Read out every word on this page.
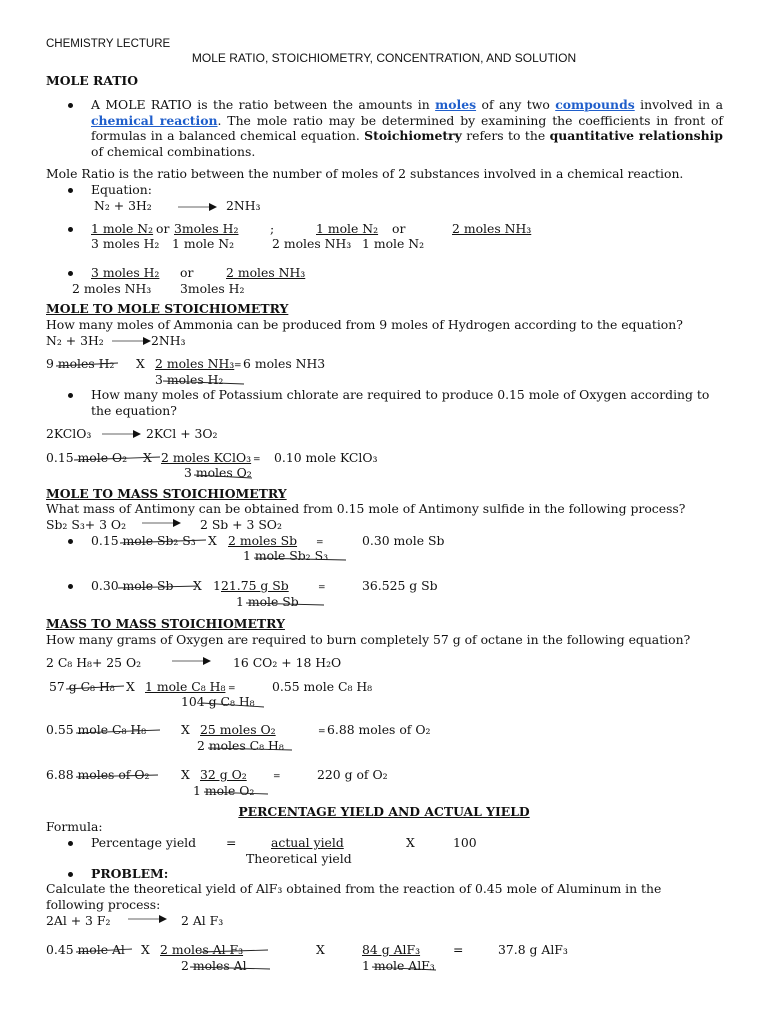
CHEMISTRY LECTURE
MOLE RATIO, STOICHIOMETRY, CONCENTRATION, AND SOLUTION
MOLE RATIO
A MOLE RATIO is the ratio between the amounts in moles of any two compounds involved in a chemical reaction. The mole ratio may be determined by examining the coefficients in front of formulas in a balanced chemical equation. Stoichiometry refers to the quantitative relationship of chemical combinations.
Mole Ratio is the ratio between the number of moles of 2 substances involved in a chemical reaction.
Equation:
N₂ + 3H₂ → 2NH₃
1 mole N₂ or 3moles H₂	;	1 mole N₂ or	2 moles NH₃
3 moles H₂ 1 mole N₂	2 moles NH₃ 1 mole N₂
3 moles H₂ or	2 moles NH₃
2 moles NH₃ 3moles H₂
MOLE TO MOLE STOICHIOMETRY
How many moles of Ammonia can be produced from 9 moles of Hydrogen according to the equation?
N₂ + 3H₂ → 2NH₃
9 moles H₂ X 2 moles NH₃ = 6 moles NH3
3 moles H₂
How many moles of Potassium chlorate are required to produce 0.15 mole of Oxygen according to the equation?
2KClO₃ → 2KCl + 3O₂
0.15 mole O₂ X 2 moles KClO₃ = 0.10 mole KClO₃
3 moles O₂
MOLE TO MASS STOICHIOMETRY
What mass of Antimony can be obtained from 0.15 mole of Antimony sulfide in the following process?
Sb₂ S₃+ 3 O₂ → 2 Sb + 3 SO₂
0.15 mole Sb₂ S₃ X 2 moles Sb =	0.30 mole Sb
1 mole Sb₂ S₃
0.30 mole Sb X 1 21.75 g Sb	=	36.525 g Sb
1 mole Sb
MASS TO MASS STOICHIOMETRY
How many grams of Oxygen are required to burn completely 57 g of octane in the following equation?
2 C₈ H₈+ 25 O₂	16 CO₂ + 18 H₂O
57 g C₈ H₈ X 1 mole C₈ H₈ =	0.55 mole C₈ H₈
104 g C₈ H₈
0.55 mole C₈ H₈	X 25 moles O₂	= 6.88 moles of O₂
2 moles C₈ H₈
6.88 moles of O₂	X 32 g O₂	=	220 g of O₂
1 mole O₂
PERCENTAGE YIELD AND ACTUAL YIELD
Formula:
Percentage yield =	actual yield	X	100
Theoretical yield
PROBLEM:
Calculate the theoretical yield of AlF₃ obtained from the reaction of 0.45 mole of Aluminum in the following process:
2Al + 3 F₂ → 2 Al F₃
0.45 mole Al X 2 moles Al F₃
2 moles Al
X	84 g AlF₃
1 mole AlF₃
=	37.8 g AlF₃
